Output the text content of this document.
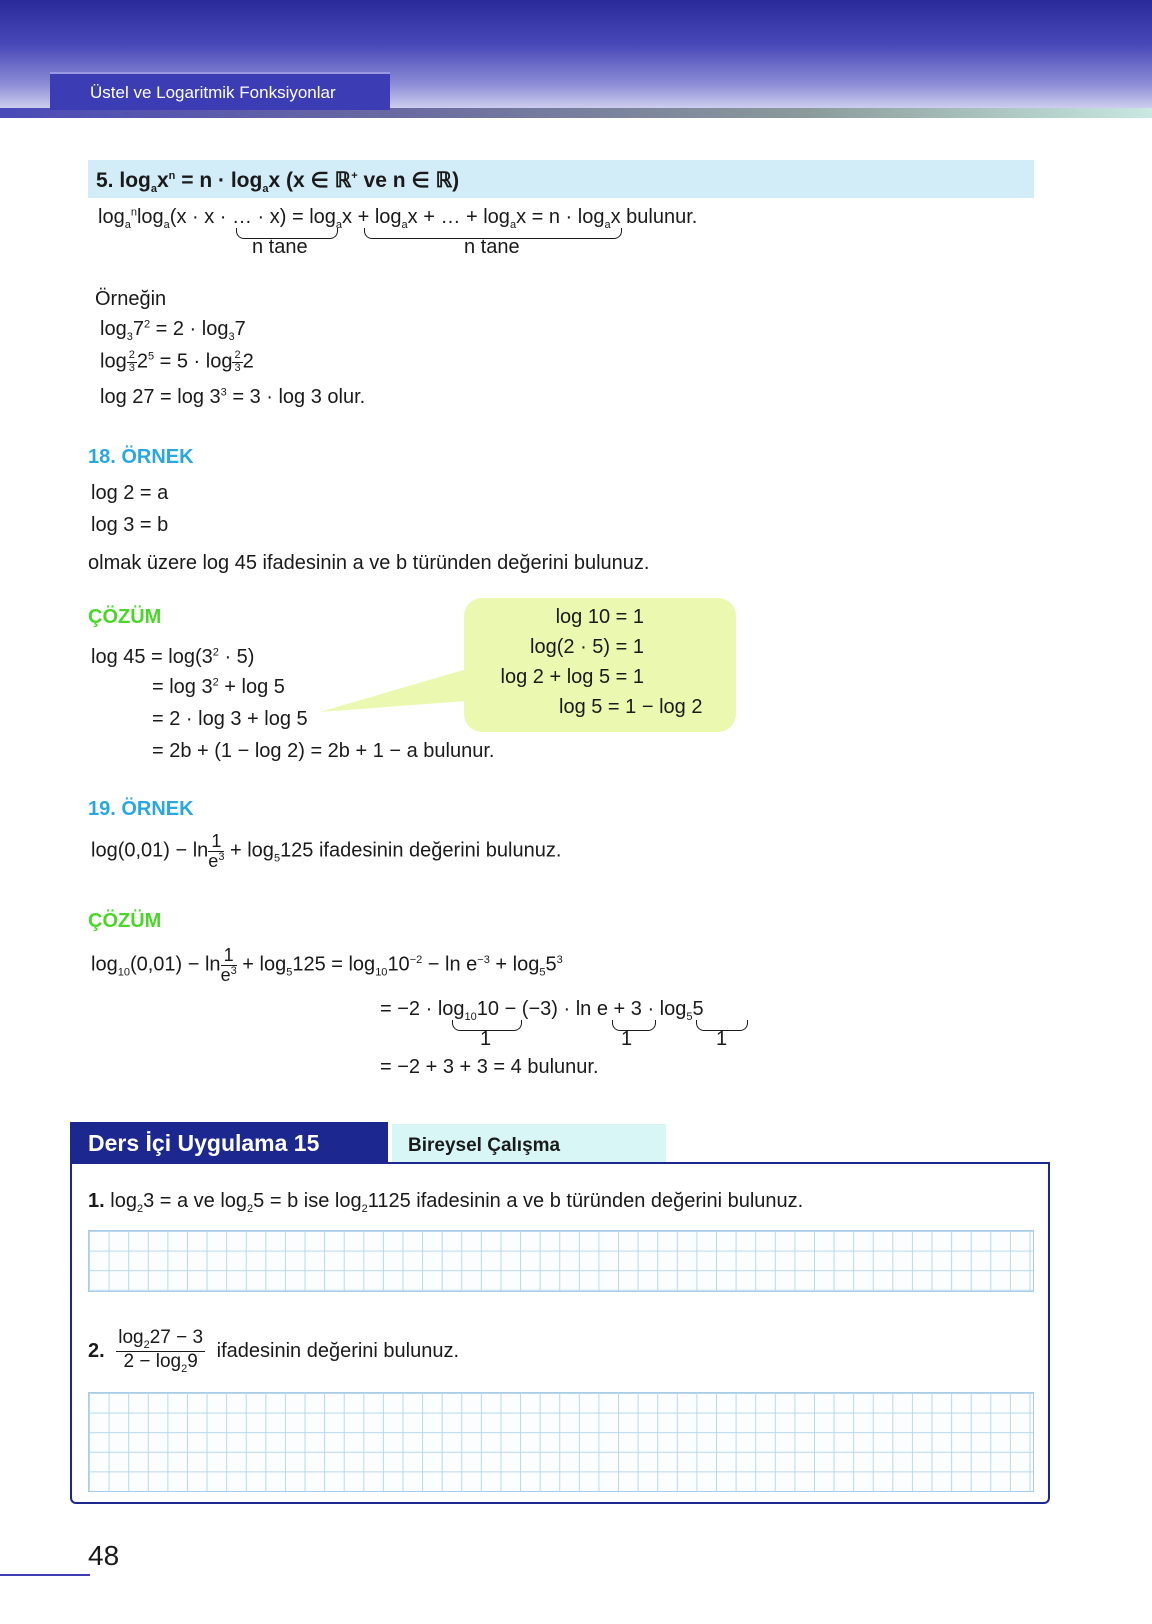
Üstel ve Logaritmik Fonksiyonlar
5. $\log_ax^n = n \cdot \log_ax$ (x ∈ ℝ+ ve n ∈ ℝ)
$\log_a^n\log_a(x \cdot x$ · … · $x) = \log_ax + \log_ax$ + … + $\log_ax = n \cdot \log_ax$ bulunur.
n tane	n tane
Örneğin
$\log_37^2 = 2 \cdot \log_37$
$\log \frac{2}{3} 2^5 = 5 \cdot \log \frac{2}{3} 2$
$\log 27 = \log 3^3 = 3 \cdot \log 3$ olur.
18. ÖRNEK
log 2 = a
log 3 = b
olmak üzere log 45 ifadesinin a ve b türünden değerini bulunuz.
ÇÖZÜM
$\log 45 = \log(3^2 \cdot 5)$
= $\log 3^2 + \log 5$
= 2 · log 3 + log 5
= 2b + (1 − log 2) = 2b + 1 − a bulunur.
log 10 = 1
log(2 · 5) = 1
log 2 + log 5 = 1
log 5 = 1 − log 2
19. ÖRNEK
$\log(0,01) - \ln \frac{1}{e^3} + \log_5125$ ifadesinin değerini bulunuz.
ÇÖZÜM
$\log_{10}(0,01) - \ln \frac{1}{e^3} + \log_5125 = \log_{10}10^{-2} - \ln e^{-3} + \log_55^3$
= $-2 \cdot \log_{10}10 - (-3) \cdot \ln e + 3 \cdot \log_55$
1	1	1
= −2 + 3 + 3 = 4 bulunur.
Ders İçi Uygulama 15	Bireysel Çalışma
1. $\log_23 = a$ ve $\log_25 = b$ ise $\log_21125$ ifadesinin a ve b türünden değerini bulunuz.
2. $\frac{\log_227 - 3}{2 - \log_29}$ ifadesinin değerini bulunuz.
48
